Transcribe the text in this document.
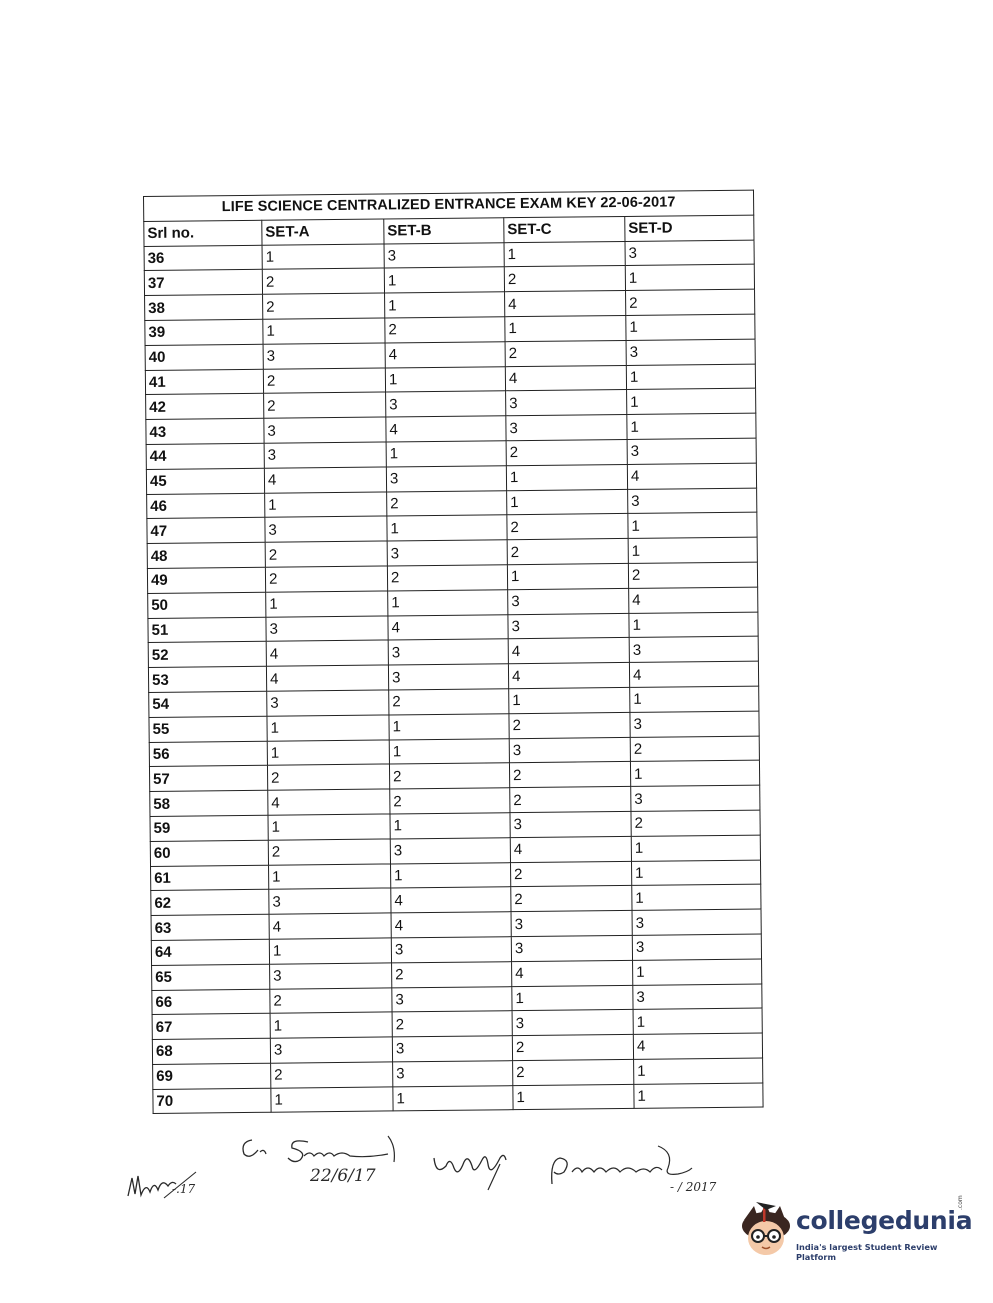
LIFE SCIENCE CENTRALIZED ENTRANCE EXAM KEY 22-06-2017				
Srl no.	SET-A	SET-B	SET-C	SET-D
36	1	3	1	3
37	2	1	2	1
38	2	1	4	2
39	1	2	1	1
40	3	4	2	3
41	2	1	4	1
42	2	3	3	1
43	3	4	3	1
44	3	1	2	3
45	4	3	1	4
46	1	2	1	3
47	3	1	2	1
48	2	3	2	1
49	2	2	1	2
50	1	1	3	4
51	3	4	3	1
52	4	3	4	3
53	4	3	4	4
54	3	2	1	1
55	1	1	2	3
56	1	1	3	2
57	2	2	2	1
58	4	2	2	3
59	1	1	3	2
60	2	3	4	1
61	1	1	2	1
62	3	4	2	1
63	4	4	3	3
64	1	3	3	3
65	3	2	4	1
66	2	3	1	3
67	1	2	3	1
68	3	3	2	4
69	2	3	2	1
70	1	1	1	1
-.17
22/6/17
- / 2017
collegedunia
.com
India's largest Student Review Platform
